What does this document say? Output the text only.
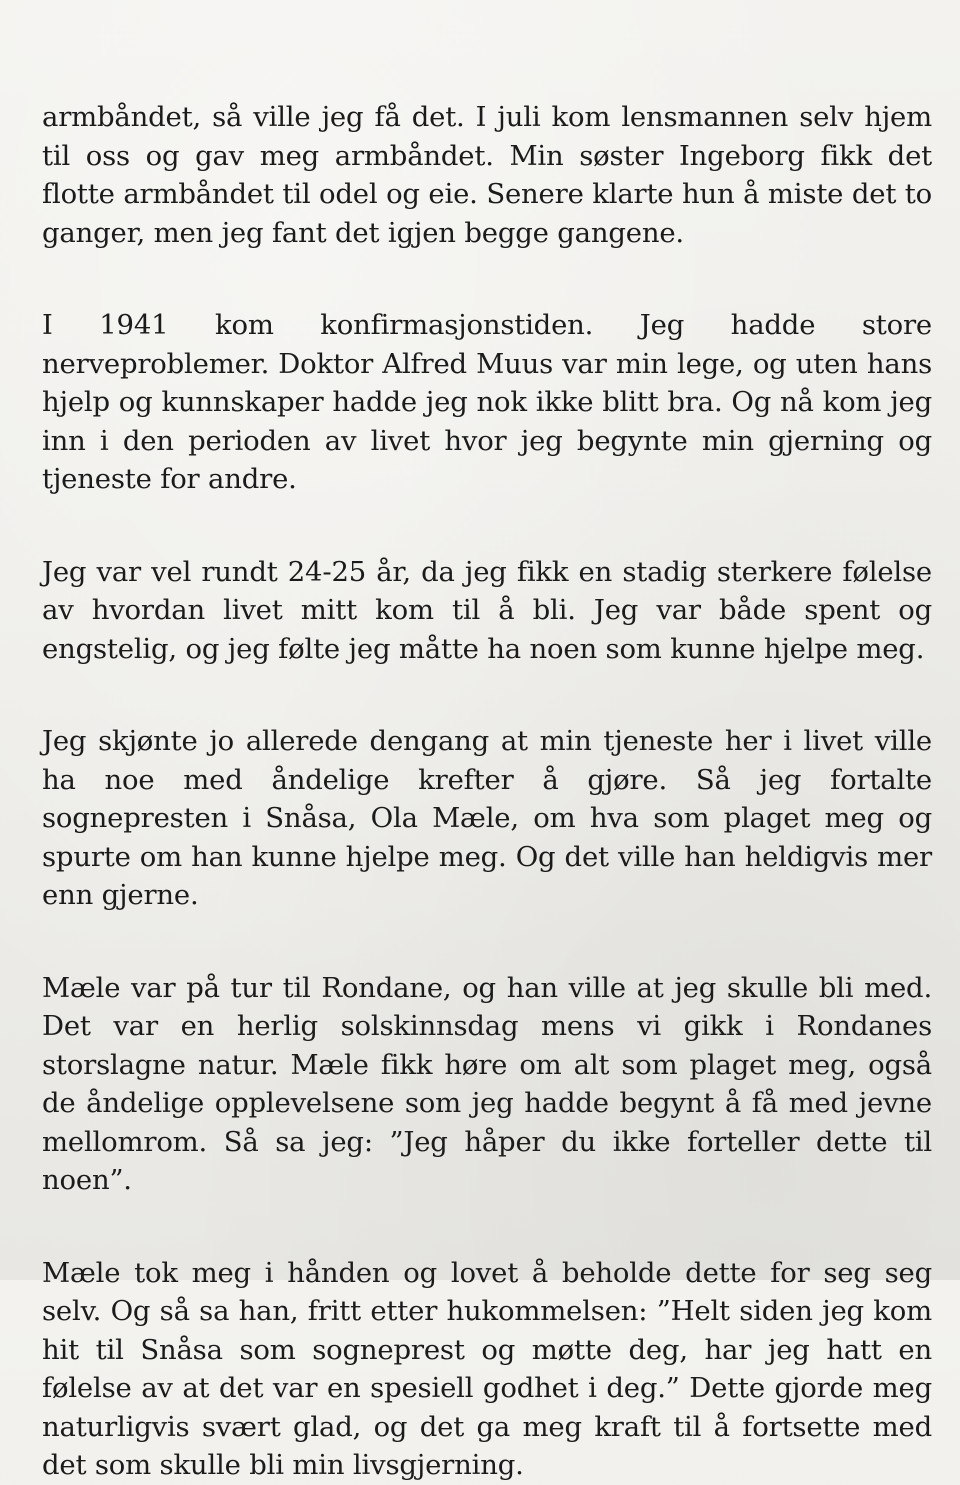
armbåndet, så ville jeg få det. I juli kom lensmannen selv hjem til oss og gav meg armbåndet. Min søster Ingeborg fikk det flotte armbåndet til odel og eie. Senere klarte hun å miste det to ganger, men jeg fant det igjen begge gangene.

I 1941 kom konfirmasjonstiden. Jeg hadde store nerveproblemer. Doktor Alfred Muus var min lege, og uten hans hjelp og kunnskaper hadde jeg nok ikke blitt bra. Og nå kom jeg inn i den perioden av livet hvor jeg begynte min gjerning og tjeneste for andre.

Jeg var vel rundt 24-25 år, da jeg fikk en stadig sterkere følelse av hvordan livet mitt kom til å bli. Jeg var både spent og engstelig, og jeg følte jeg måtte ha noen som kunne hjelpe meg.

Jeg skjønte jo allerede dengang at min tjeneste her i livet ville ha noe med åndelige krefter å gjøre. Så jeg fortalte sognepresten i Snåsa, Ola Mæle, om hva som plaget meg og spurte om han kunne hjelpe meg. Og det ville han heldigvis mer enn gjerne.

Mæle var på tur til Rondane, og han ville at jeg skulle bli med. Det var en herlig solskinnsdag mens vi gikk i Rondanes storslagne natur. Mæle fikk høre om alt som plaget meg, også de åndelige opplevelsene som jeg hadde begynt å få med jevne mellomrom. Så sa jeg: ”Jeg håper du ikke forteller dette til noen”.

Mæle tok meg i hånden og lovet å beholde dette for seg seg selv. Og så sa han, fritt etter hukommelsen: ”Helt siden jeg kom hit til Snåsa som sogneprest og møtte deg, har jeg hatt en følelse av at det var en spesiell godhet i deg.” Dette gjorde meg naturligvis svært glad, og det ga meg kraft til å fortsette med det som skulle bli min livsgjerning.
